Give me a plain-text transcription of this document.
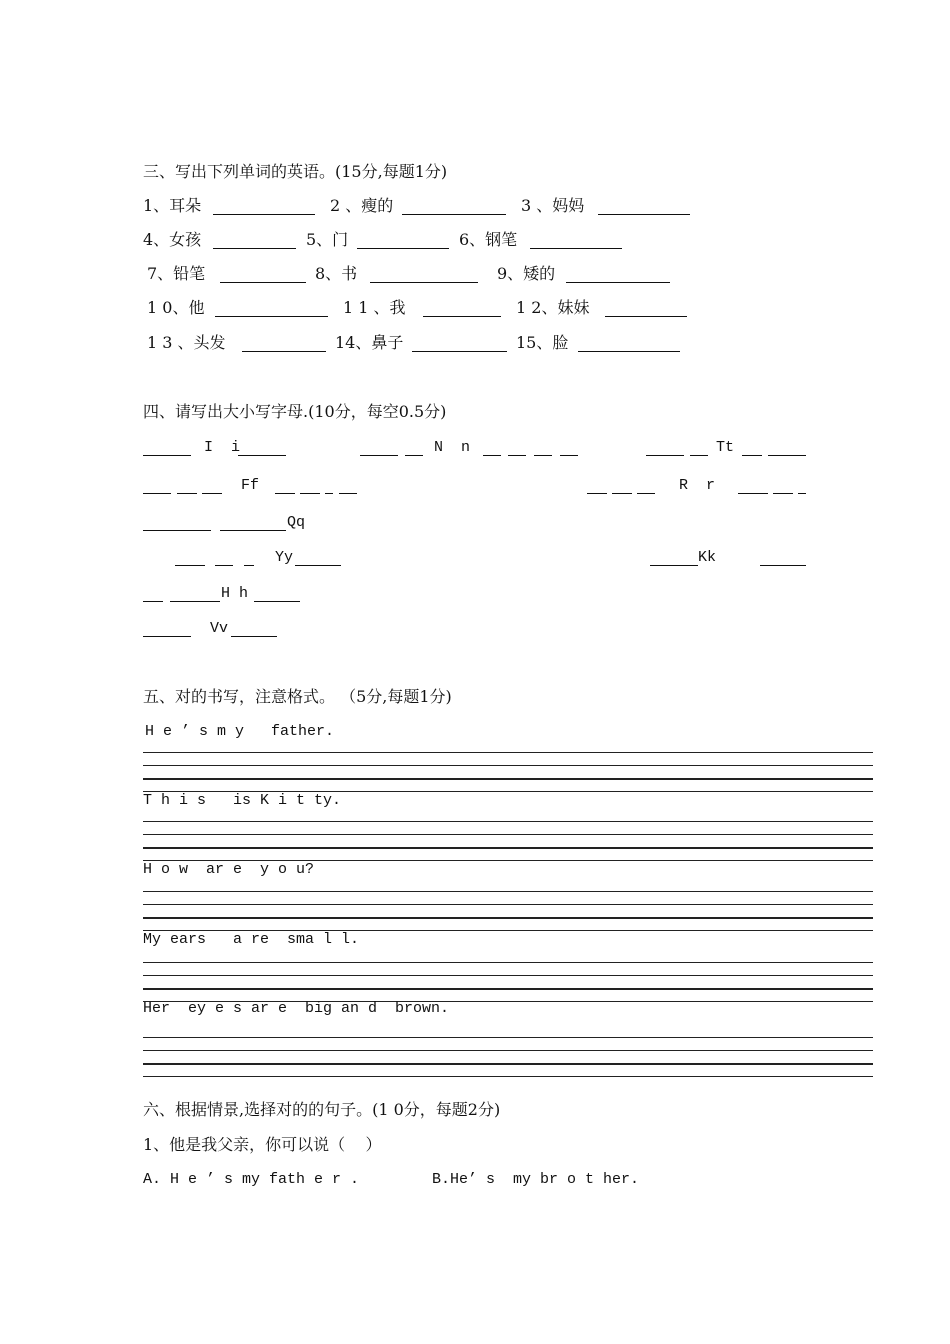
三、写出下列单词的英语。(15分,每题1分)
1、耳朵	2 、瘦的	3 、妈妈
4、女孩	5、门	6、钢笔
7、铅笔	8、书	9、矮的
1 0、他	1 1 、我	1 2、妹妹
1 3 、头发	14、鼻子	15、脸
四、请写出大小写字母.(10分，每空0.5分)
I  i	N  n	Tt
Ff	R  r
Qq
Yy	Kk
H h
Vv
五、对的书写，注意格式。 （5分,每题1分)
H e ’ s m y   father.
T h i s   is K i t ty.
H o w  ar e  y o u?
My ears   a re  sma l l.
Her  ey e s ar e  big an d  brown.
六、根据情景,选择对的的句子。(1 0分，每题2分)
1、他是我父亲，你可以说（    ）
A. H e ’ s my fath e r .	B.He’ s  my br o t her.
